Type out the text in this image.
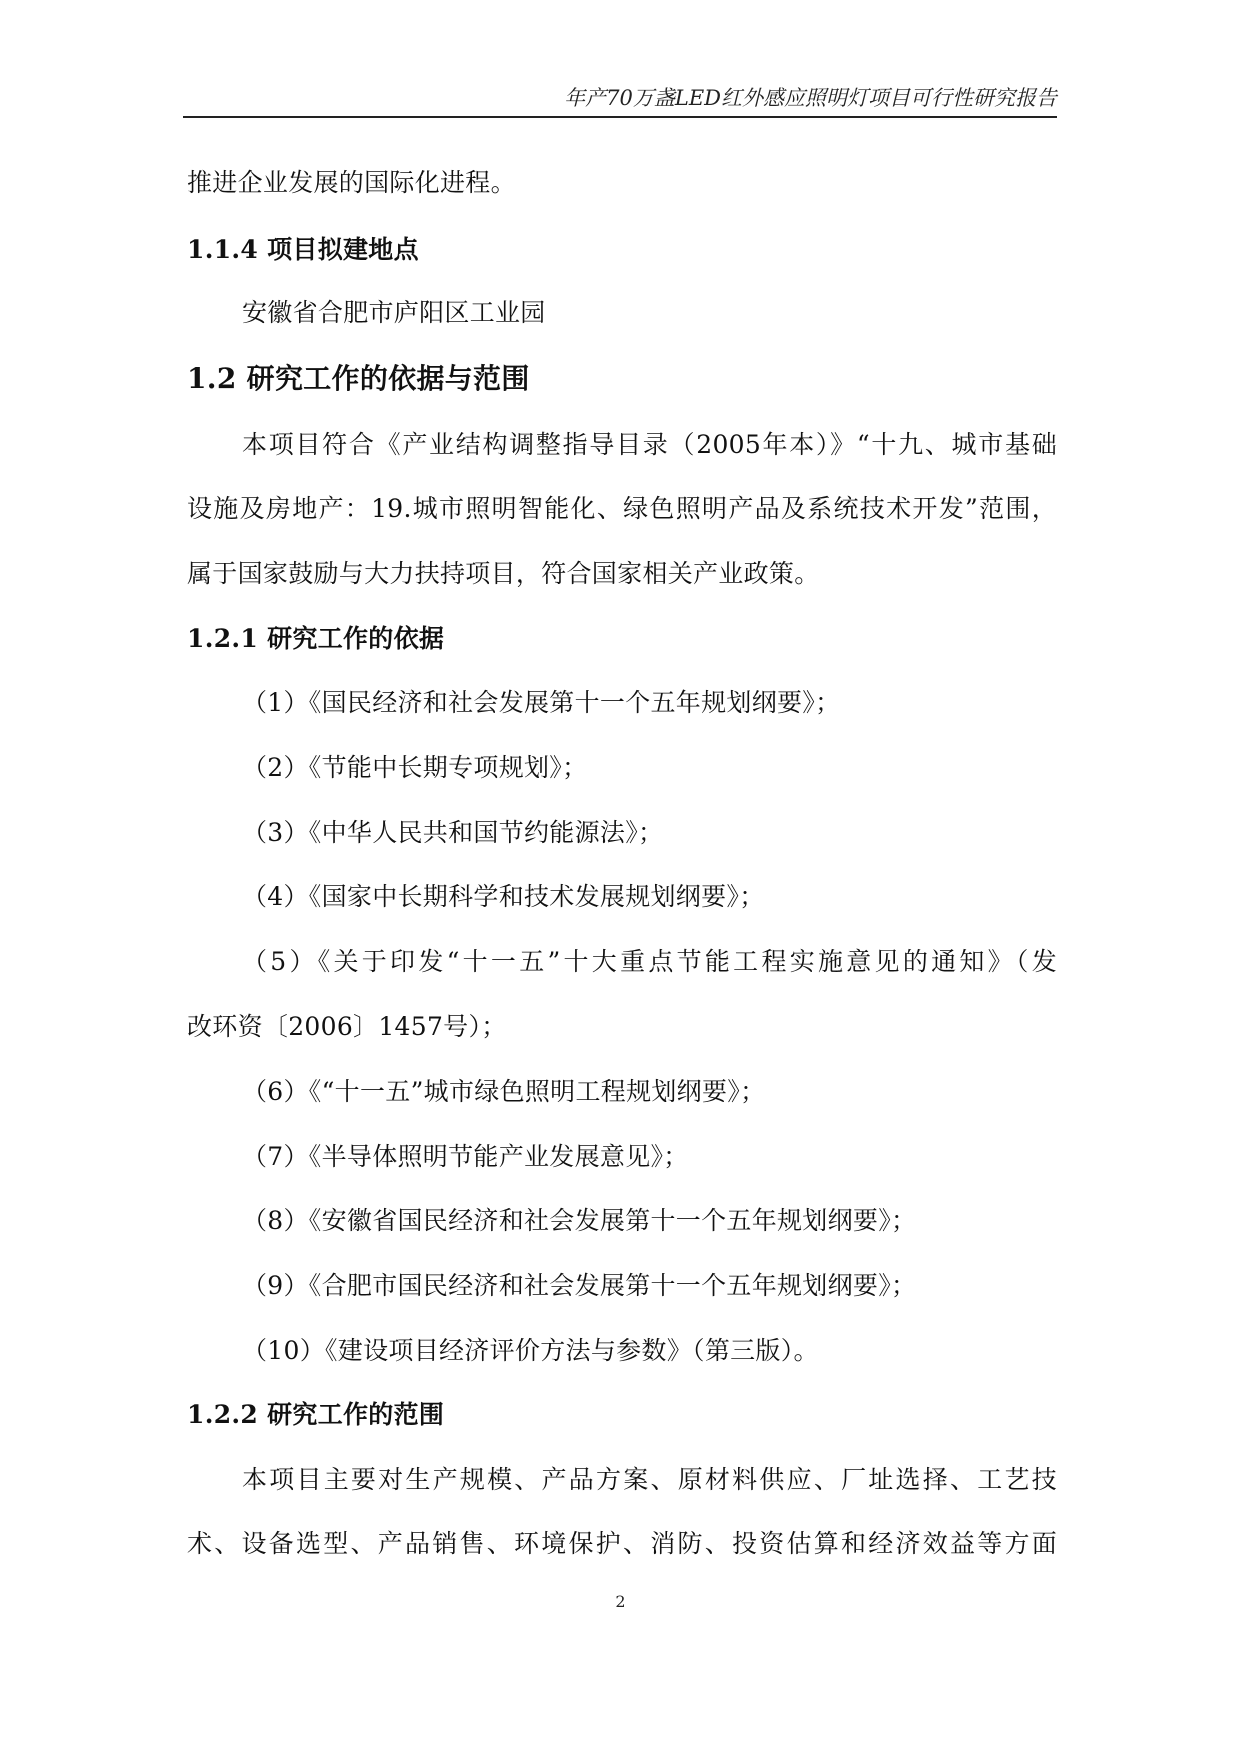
年产70万盏LED红外感应照明灯项目可行性研究报告
推进企业发展的国际化进程。
1.1.4 项目拟建地点
安徽省合肥市庐阳区工业园
1.2 研究工作的依据与范围
本项目符合《产业结构调整指导目录（2005年本）》“十九、城市基础
设施及房地产：19.城市照明智能化、绿色照明产品及系统技术开发”范围，
属于国家鼓励与大力扶持项目，符合国家相关产业政策。
1.2.1 研究工作的依据
（1）《国民经济和社会发展第十一个五年规划纲要》；
（2）《节能中长期专项规划》；
（3）《中华人民共和国节约能源法》；
（4）《国家中长期科学和技术发展规划纲要》；
（5）《关于印发“十一五”十大重点节能工程实施意见的通知》（发
改环资〔2006〕1457号）；
（6）《“十一五”城市绿色照明工程规划纲要》；
（7）《半导体照明节能产业发展意见》；
（8）《安徽省国民经济和社会发展第十一个五年规划纲要》；
（9）《合肥市国民经济和社会发展第十一个五年规划纲要》；
（10）《建设项目经济评价方法与参数》（第三版）。
1.2.2 研究工作的范围
本项目主要对生产规模、产品方案、原材料供应、厂址选择、工艺技
术、设备选型、产品销售、环境保护、消防、投资估算和经济效益等方面
2
